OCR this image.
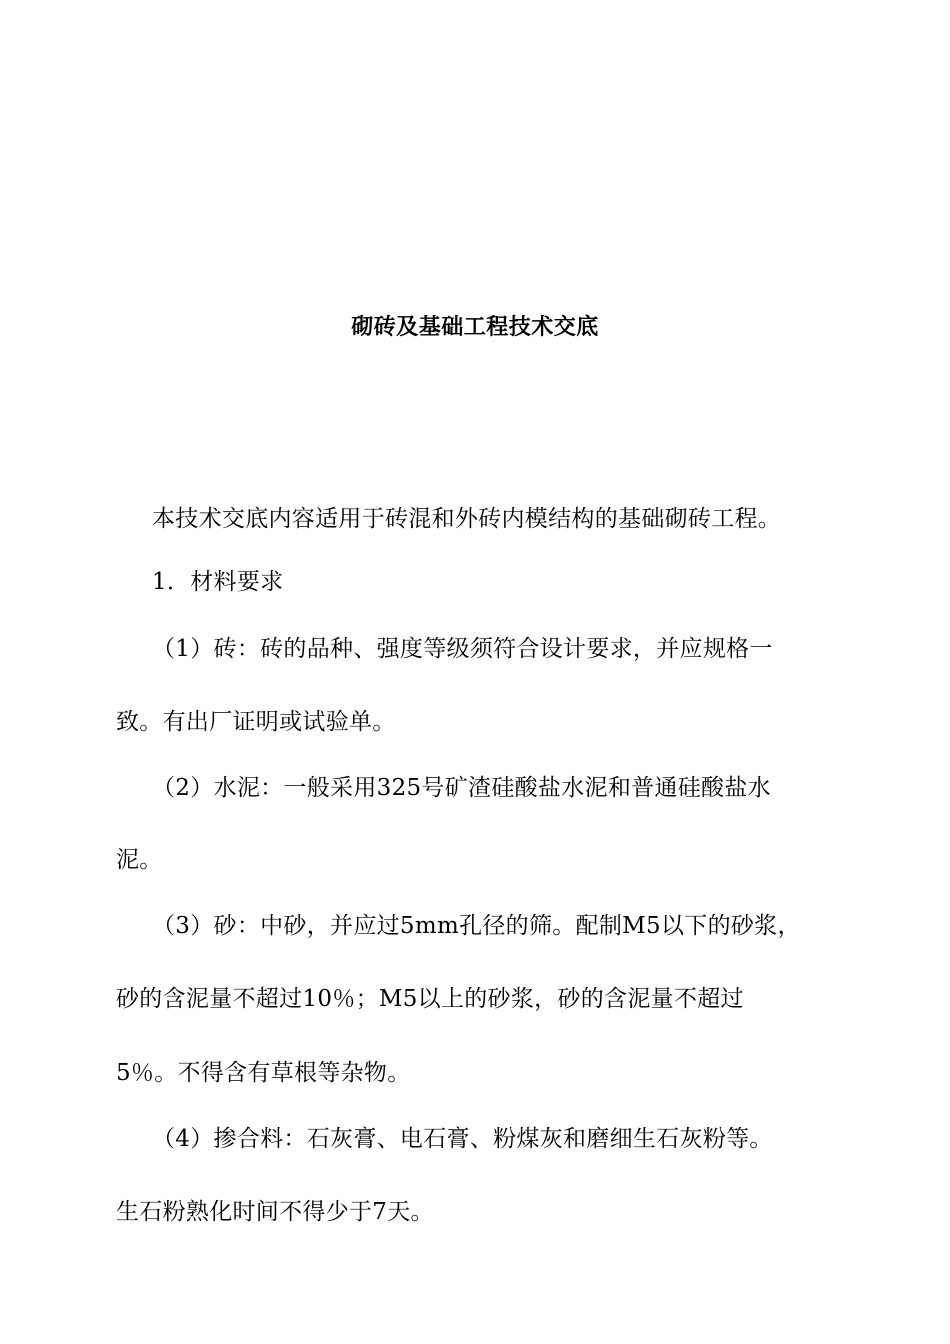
砌砖及基础工程技术交底
本技术交底内容适用于砖混和外砖内模结构的基础砌砖工程。
1．材料要求
（1）砖：砖的品种、强度等级须符合设计要求，并应规格一
致。有出厂证明或试验单。
（2）水泥：一般采用325号矿渣硅酸盐水泥和普通硅酸盐水
泥。
（3）砂：中砂，并应过5mm孔径的筛。配制M5以下的砂浆，
砂的含泥量不超过10％；M5以上的砂浆，砂的含泥量不超过
5％。不得含有草根等杂物。
（4）掺合料：石灰膏、电石膏、粉煤灰和磨细生石灰粉等。
生石粉熟化时间不得少于7天。
